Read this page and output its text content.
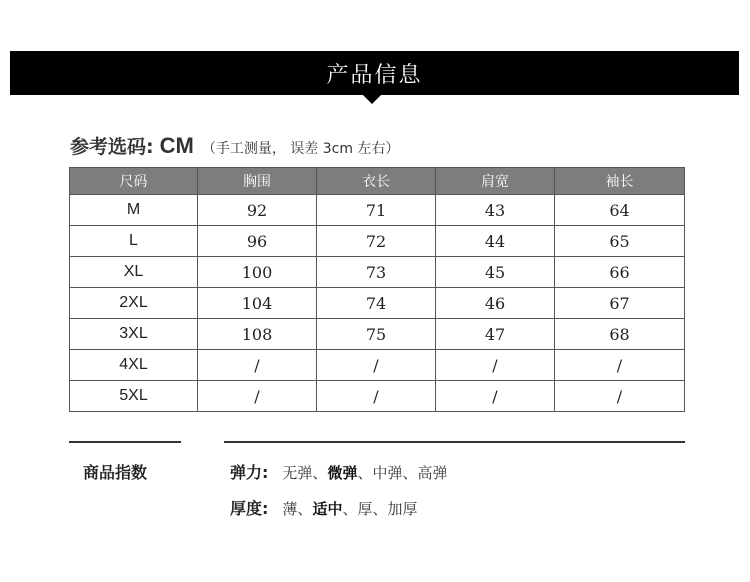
产品信息
参考选码: CM （手工测量， 误差 3cm 左右）
尺码	胸围	衣长	肩宽	袖长
M	92	71	43	64
L	96	72	44	65
XL	100	73	45	66
2XL	104	74	46	67
3XL	108	75	47	68
4XL	/	/	/	/
5XL	/	/	/	/
商品指数	弹力: 无弹 、 微弹 、 中弹 、 高弹
厚度: 薄 、 适中 、 厚 、 加厚
